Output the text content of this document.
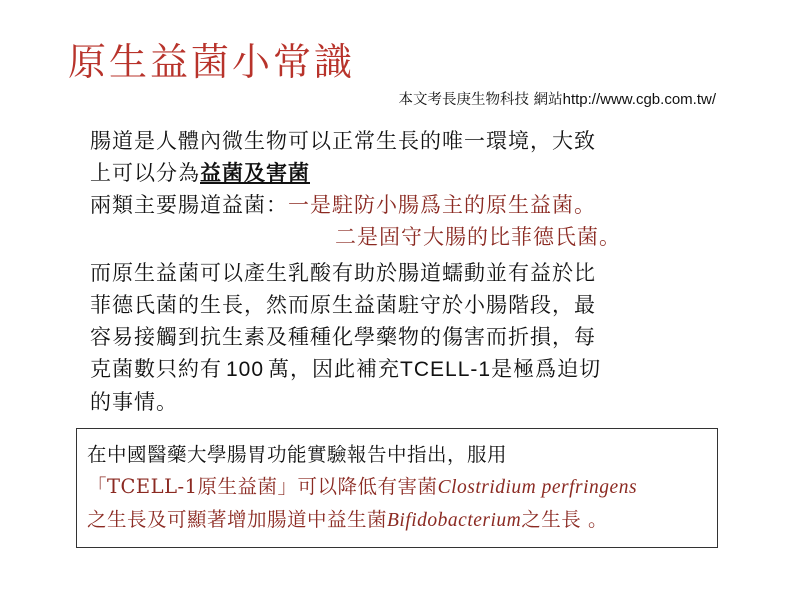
原生益菌小常識
本文考長庚生物科技 網站http://www.cgb.com.tw/
腸道是人體內微生物可以正常生長的唯一環境，大致
上可以分為益菌及害菌
兩類主要腸道益菌：一是駐防小腸爲主的原生益菌。
二是固守大腸的比菲德氏菌。
而原生益菌可以產生乳酸有助於腸道蠕動並有益於比
菲德氏菌的生長，然而原生益菌駐守於小腸階段，最
容易接觸到抗生素及種種化學藥物的傷害而折損，每
克菌數只約有 100 萬，因此補充TCELL-1是極爲迫切
的事情。
在中國醫藥大學腸胃功能實驗報告中指出，服用
「TCELL-1原生益菌」可以降低有害菌Clostridium perfringens
之生長及可顯著增加腸道中益生菌Bifidobacterium之生長 。
